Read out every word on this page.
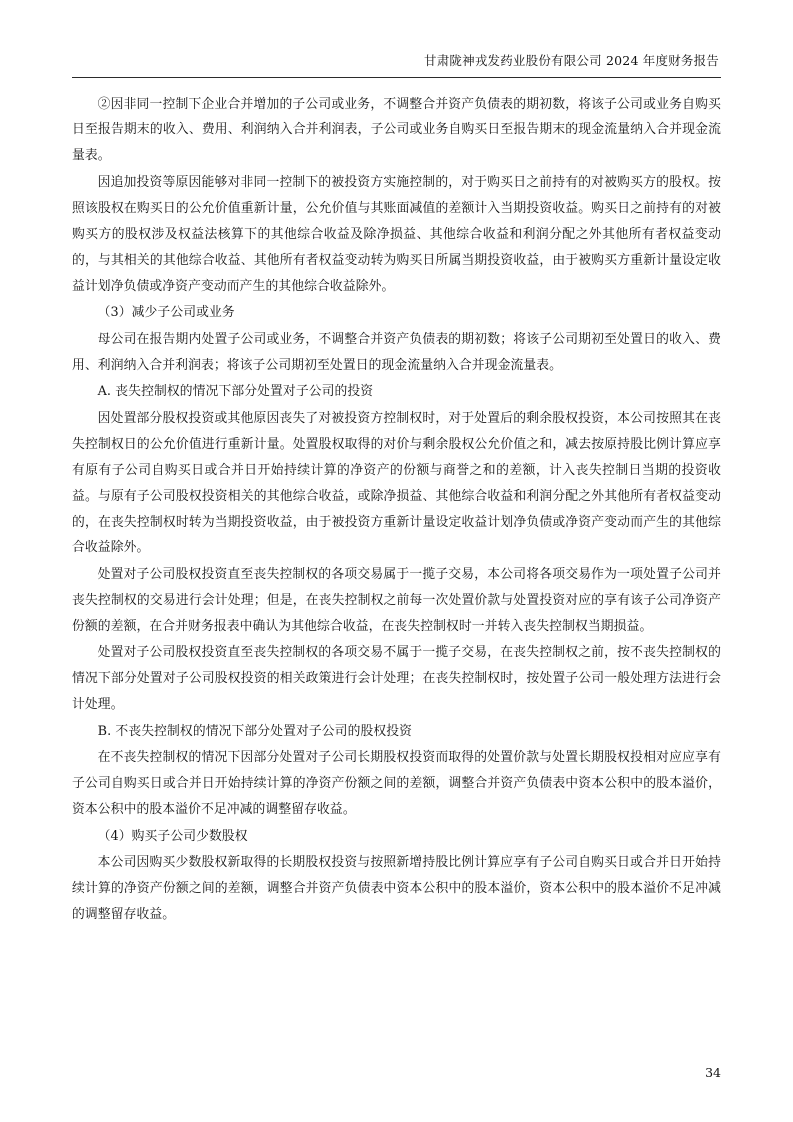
甘肃陇神戎发药业股份有限公司 2024 年度财务报告

②因非同一控制下企业合并增加的子公司或业务，不调整合并资产负债表的期初数，将该子公司或业务自购买日至报告期末的收入、费用、利润纳入合并利润表，子公司或业务自购买日至报告期末的现金流量纳入合并现金流量表。

因追加投资等原因能够对非同一控制下的被投资方实施控制的，对于购买日之前持有的对被购买方的股权。按照该股权在购买日的公允价值重新计量，公允价值与其账面减值的差额计入当期投资收益。购买日之前持有的对被购买方的股权涉及权益法核算下的其他综合收益及除净损益、其他综合收益和利润分配之外其他所有者权益变动的，与其相关的其他综合收益、其他所有者权益变动转为购买日所属当期投资收益，由于被购买方重新计量设定收益计划净负债或净资产变动而产生的其他综合收益除外。

（3）减少子公司或业务

母公司在报告期内处置子公司或业务，不调整合并资产负债表的期初数；将该子公司期初至处置日的收入、费用、利润纳入合并利润表；将该子公司期初至处置日的现金流量纳入合并现金流量表。

A. 丧失控制权的情况下部分处置对子公司的投资

因处置部分股权投资或其他原因丧失了对被投资方控制权时，对于处置后的剩余股权投资，本公司按照其在丧失控制权日的公允价值进行重新计量。处置股权取得的对价与剩余股权公允价值之和，减去按原持股比例计算应享有原有子公司自购买日或合并日开始持续计算的净资产的份额与商誉之和的差额，计入丧失控制日当期的投资收益。与原有子公司股权投资相关的其他综合收益，或除净损益、其他综合收益和利润分配之外其他所有者权益变动的，在丧失控制权时转为当期投资收益，由于被投资方重新计量设定收益计划净负债或净资产变动而产生的其他综合收益除外。

处置对子公司股权投资直至丧失控制权的各项交易属于一揽子交易，本公司将各项交易作为一项处置子公司并丧失控制权的交易进行会计处理；但是，在丧失控制权之前每一次处置价款与处置投资对应的享有该子公司净资产份额的差额，在合并财务报表中确认为其他综合收益，在丧失控制权时一并转入丧失控制权当期损益。

处置对子公司股权投资直至丧失控制权的各项交易不属于一揽子交易，在丧失控制权之前，按不丧失控制权的情况下部分处置对子公司股权投资的相关政策进行会计处理；在丧失控制权时，按处置子公司一般处理方法进行会计处理。

B. 不丧失控制权的情况下部分处置对子公司的股权投资

在不丧失控制权的情况下因部分处置对子公司长期股权投资而取得的处置价款与处置长期股权投相对应应享有子公司自购买日或合并日开始持续计算的净资产份额之间的差额，调整合并资产负债表中资本公积中的股本溢价，资本公积中的股本溢价不足冲减的调整留存收益。

（4）购买子公司少数股权

本公司因购买少数股权新取得的长期股权投资与按照新增持股比例计算应享有子公司自购买日或合并日开始持续计算的净资产份额之间的差额，调整合并资产负债表中资本公积中的股本溢价，资本公积中的股本溢价不足冲减的调整留存收益。

34
